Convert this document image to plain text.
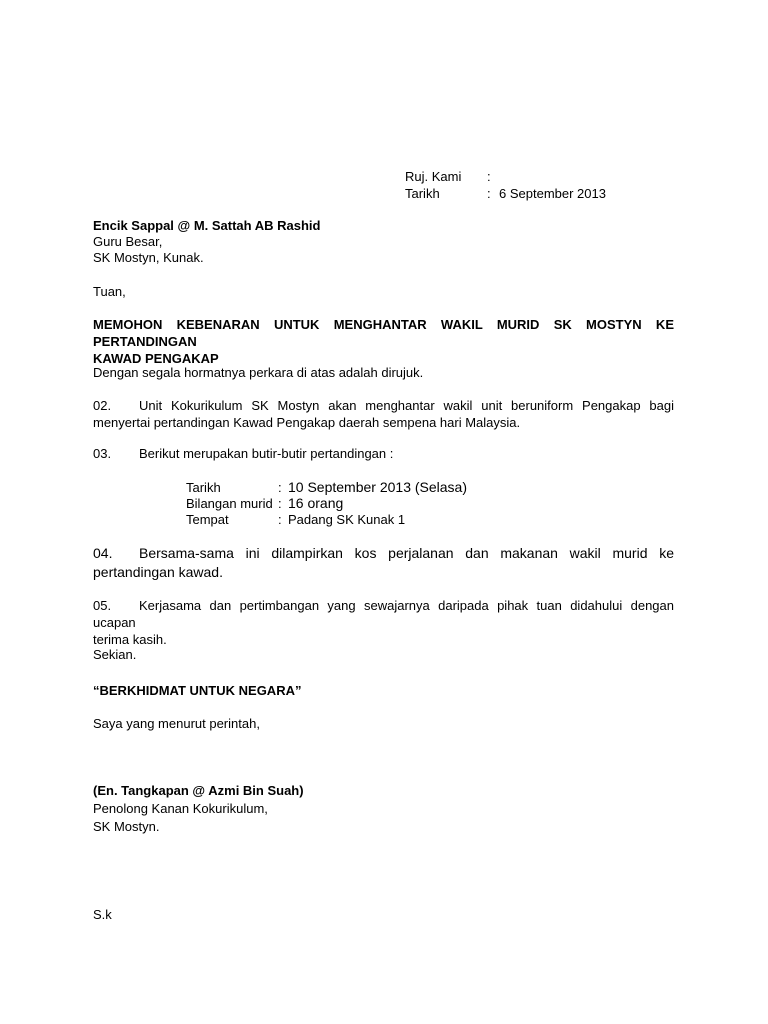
Ruj. Kami :
Tarikh	: 6 September 2013
Encik Sappal @ M. Sattah AB Rashid
Guru Besar,
SK Mostyn, Kunak.
Tuan,
MEMOHON KEBENARAN UNTUK MENGHANTAR WAKIL MURID SK MOSTYN KE PERTANDINGAN
KAWAD PENGAKAP
Dengan segala hormatnya perkara di atas adalah dirujuk.
02. Unit Kokurikulum SK Mostyn akan menghantar wakil unit beruniform Pengakap bagi
menyertai pertandingan Kawad Pengakap daerah sempena hari Malaysia.
03. Berikut merupakan butir-butir pertandingan :
Tarikh	: 10 September 2013 (Selasa)
Bilangan murid : 16 orang
Tempat	: Padang SK Kunak 1
04. Bersama-sama ini dilampirkan kos perjalanan dan makanan wakil murid ke
pertandingan kawad.
05. Kerjasama dan pertimbangan yang sewajarnya daripada pihak tuan didahului dengan ucapan
terima kasih.
Sekian.
“BERKHIDMAT UNTUK NEGARA”
Saya yang menurut perintah,
(En. Tangkapan @ Azmi Bin Suah)
Penolong Kanan Kokurikulum,
SK Mostyn.
S.k
